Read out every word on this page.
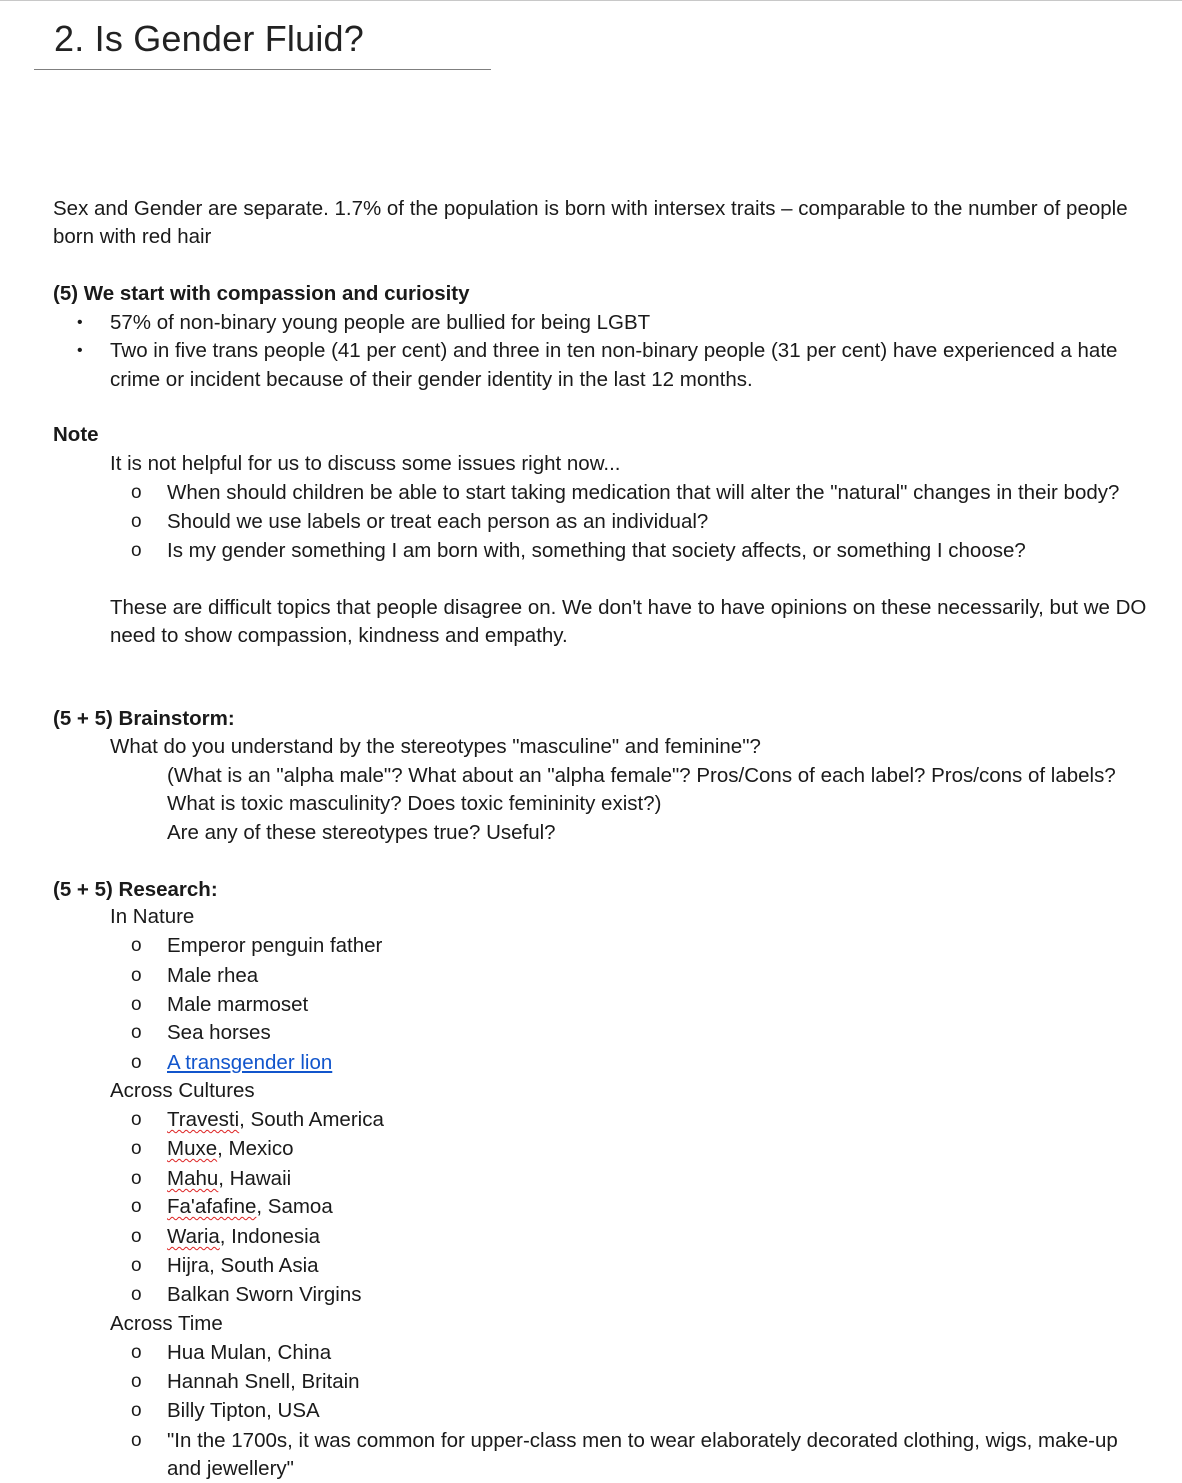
2. Is Gender Fluid?
Sex and Gender are separate. 1.7% of the population is born with intersex traits – comparable to the number of people
born with red hair
(5) We start with compassion and curiosity
• 57% of non-binary young people are bullied for being LGBT
• Two in five trans people (41 per cent) and three in ten non-binary people (31 per cent) have experienced a hate
crime or incident because of their gender identity in the last 12 months.
Note
It is not helpful for us to discuss some issues right now...
o When should children be able to start taking medication that will alter the "natural" changes in their body?
o Should we use labels or treat each person as an individual?
o Is my gender something I am born with, something that society affects, or something I choose?
These are difficult topics that people disagree on. We don't have to have opinions on these necessarily, but we DO
need to show compassion, kindness and empathy.
(5 + 5) Brainstorm:
What do you understand by the stereotypes "masculine" and feminine"?
(What is an "alpha male"? What about an "alpha female"? Pros/Cons of each label? Pros/cons of labels?
What is toxic masculinity? Does toxic femininity exist?)
Are any of these stereotypes true? Useful?
(5 + 5) Research:
In Nature
o Emperor penguin father
o Male rhea
o Male marmoset
o Sea horses
o A transgender lion
Across Cultures
o Travesti, South America
o Muxe, Mexico
o Mahu, Hawaii
o Fa'afafine, Samoa
o Waria, Indonesia
o Hijra, South Asia
o Balkan Sworn Virgins
Across Time
o Hua Mulan, China
o Hannah Snell, Britain
o Billy Tipton, USA
o "In the 1700s, it was common for upper-class men to wear elaborately decorated clothing, wigs, make-up
and jewellery"
